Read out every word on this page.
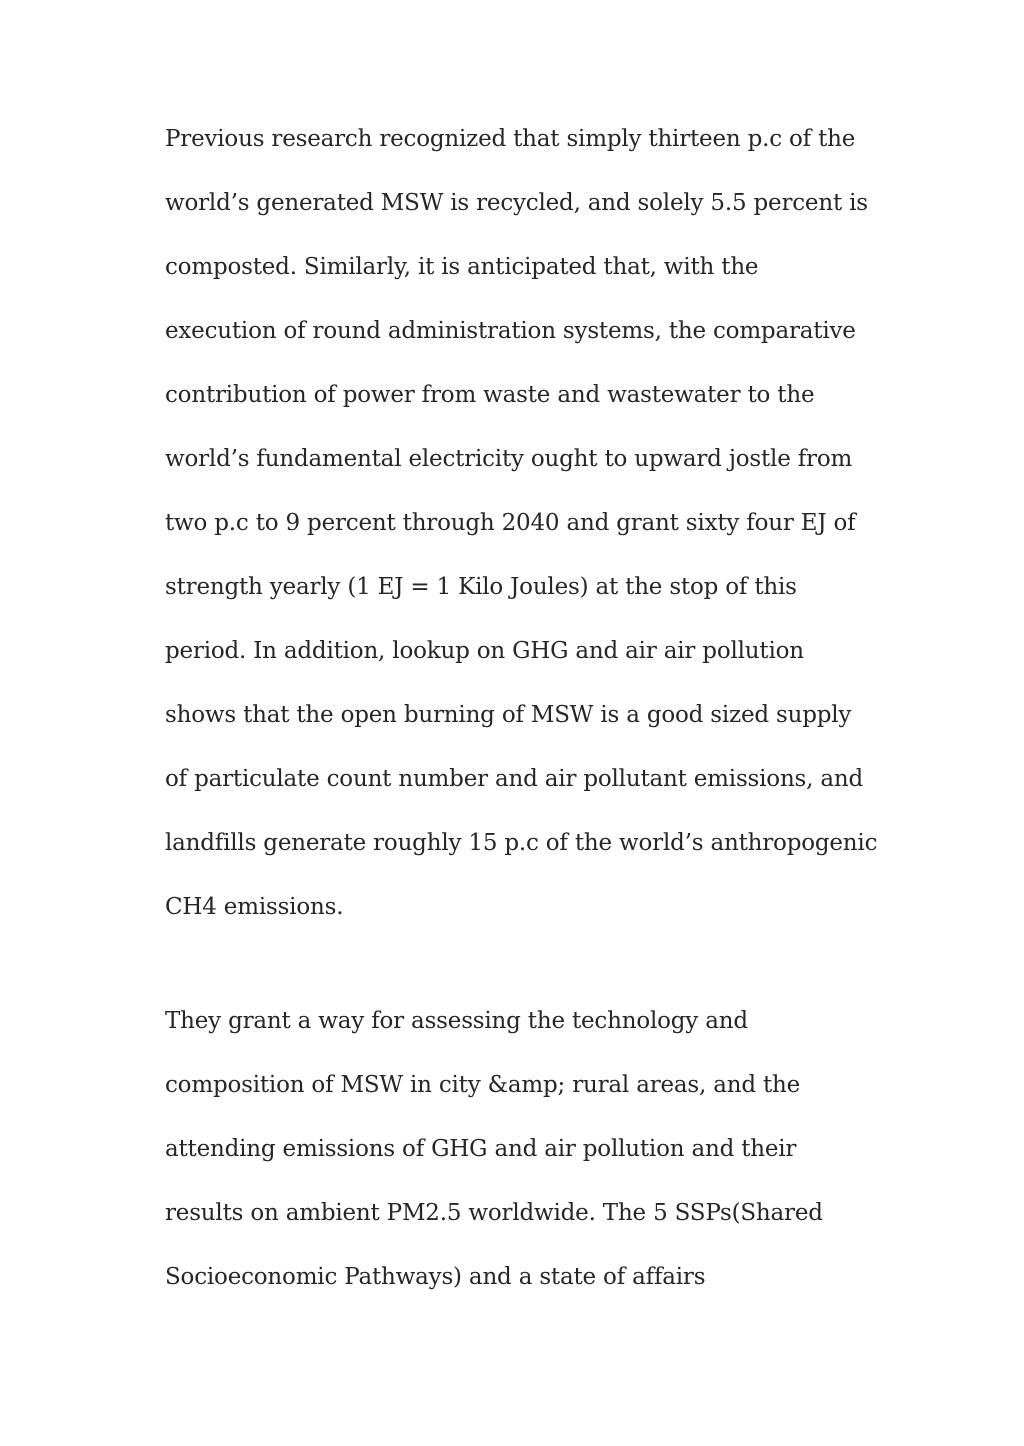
Previous research recognized that simply thirteen p.c of the
world’s generated MSW is recycled, and solely 5.5 percent is
composted. Similarly, it is anticipated that, with the
execution of round administration systems, the comparative
contribution of power from waste and wastewater to the
world’s fundamental electricity ought to upward jostle from
two p.c to 9 percent through 2040 and grant sixty four EJ of
strength yearly (1 EJ = 1 Kilo Joules) at the stop of this
period. In addition, lookup on GHG and air air pollution
shows that the open burning of MSW is a good sized supply
of particulate count number and air pollutant emissions, and
landfills generate roughly 15 p.c of the world’s anthropogenic
CH4 emissions.
They grant a way for assessing the technology and
composition of MSW in city &amp; rural areas, and the
attending emissions of GHG and air pollution and their
results on ambient PM2.5 worldwide. The 5 SSPs(Shared
Socioeconomic Pathways) and a state of affairs
